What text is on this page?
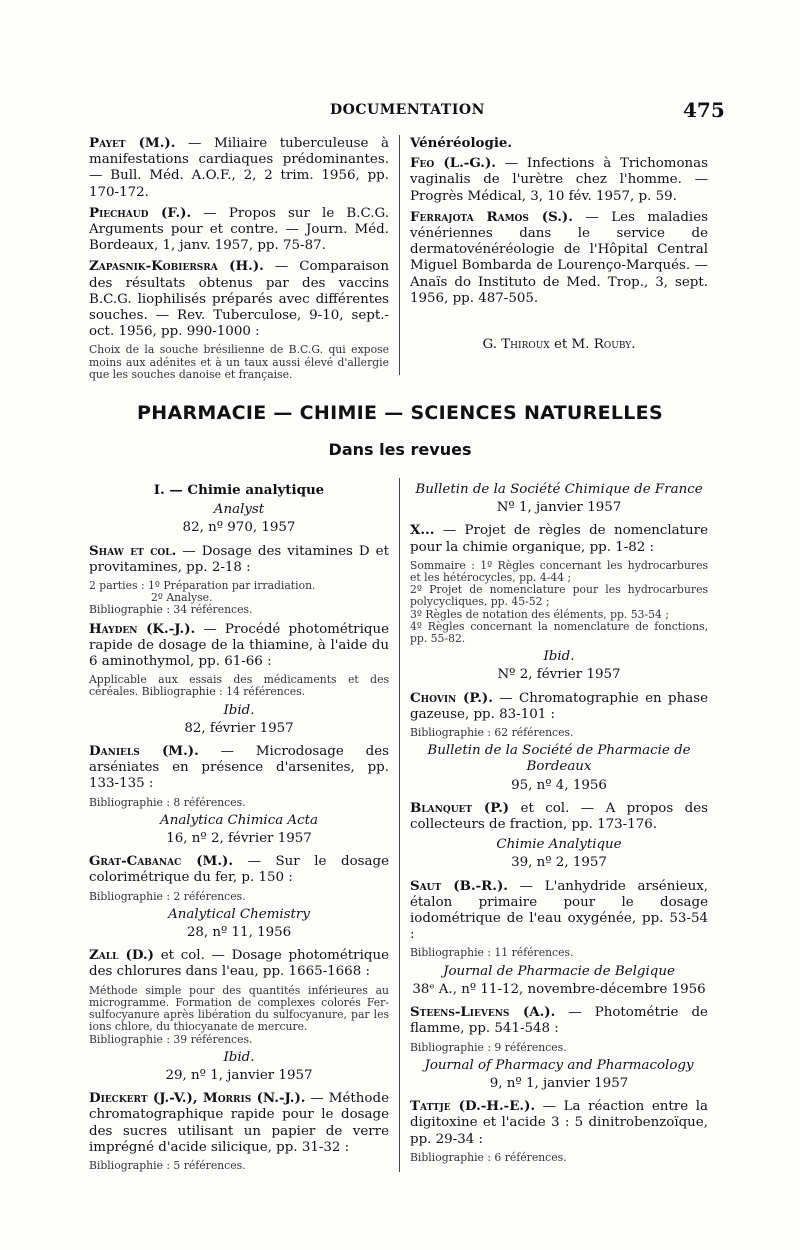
DOCUMENTATION	475

Payet (M.). — Miliaire tuberculeuse à manifestations cardiaques prédominantes. — Bull. Méd. A.O.F., 2, 2 trim. 1956, pp. 170-172.

Piechaud (F.). — Propos sur le B.C.G. Arguments pour et contre. — Journ. Méd. Bordeaux, 1, janv. 1957, pp. 75-87.

Zapasnik-Kobiersra (H.). — Comparaison des résultats obtenus par des vaccins B.C.G. liophilisés préparés avec différentes souches. — Rev. Tuberculose, 9-10, sept.-oct. 1956, pp. 990-1000 :

Choix de la souche brésilienne de B.C.G. qui expose moins aux adénites et à un taux aussi élevé d'allergie que les souches danoise et française.

Vénéréologie.

Feo (L.-G.). — Infections à Trichomonas vaginalis de l'urètre chez l'homme. — Progrès Médical, 3, 10 fév. 1957, p. 59.

Ferrajota Ramos (S.). — Les maladies vénériennes dans le service de dermatovénéréologie de l'Hôpital Central Miguel Bombarda de Lourenço-Marqués. — Anaïs do Instituto de Med. Trop., 3, sept. 1956, pp. 487-505.

G. Thiroux et M. Rouby.

PHARMACIE — CHIMIE — SCIENCES NATURELLES
Dans les revues

I. — Chimie analytique

Analyst

82, nº 970, 1957

Shaw et col. — Dosage des vitamines D et provitamines, pp. 2-18 :

2 parties : 1º Préparation par irradiation.

2º Analyse.

Bibliographie : 34 références.

Hayden (K.-J.). — Procédé photométrique rapide de dosage de la thiamine, à l'aide du 6 aminothymol, pp. 61-66 :

Applicable aux essais des médicaments et des céréales. Bibliographie : 14 références.

Ibid.

82, février 1957

Daniels (M.). — Microdosage des arséniates en présence d'arsenites, pp. 133-135 :

Bibliographie : 8 références.

Analytica Chimica Acta

16, nº 2, février 1957

Grat-Cabanac (M.). — Sur le dosage colorimétrique du fer, p. 150 :

Bibliographie : 2 références.

Analytical Chemistry

28, nº 11, 1956

Zall (D.) et col. — Dosage photométrique des chlorures dans l'eau, pp. 1665-1668 :

Méthode simple pour des quantités inférieures au microgramme. Formation de complexes colorés Fer-sulfocyanure après libération du sulfocyanure, par les ions chlore, du thiocyanate de mercure.

Bibliographie : 39 références.

Ibid.

29, nº 1, janvier 1957

Dieckert (J.-V.), Morris (N.-J.). — Méthode chromatographique rapide pour le dosage des sucres utilisant un papier de verre imprégné d'acide silicique, pp. 31-32 :

Bibliographie : 5 références.

Bulletin de la Société Chimique de France

Nº 1, janvier 1957

X... — Projet de règles de nomenclature pour la chimie organique, pp. 1-82 :

Sommaire : 1º Règles concernant les hydrocarbures et les hétérocycles, pp. 4-44 ;

2º Projet de nomenclature pour les hydrocarbures polycycliques, pp. 45-52 ;

3º Règles de notation des éléments, pp. 53-54 ;

4º Règles concernant la nomenclature de fonctions, pp. 55-82.

Ibid.

Nº 2, février 1957

Chovin (P.). — Chromatographie en phase gazeuse, pp. 83-101 :

Bibliographie : 62 références.

Bulletin de la Société de Pharmacie de Bordeaux

95, nº 4, 1956

Blanquet (P.) et col. — A propos des collecteurs de fraction, pp. 173-176.

Chimie Analytique

39, nº 2, 1957

Saut (B.-R.). — L'anhydride arsénieux, étalon primaire pour le dosage iodométrique de l'eau oxygénée, pp. 53-54 :

Bibliographie : 11 références.

Journal de Pharmacie de Belgique

38ᵉ A., nº 11-12, novembre-décembre 1956

Steens-Lievens (A.). — Photométrie de flamme, pp. 541-548 :

Bibliographie : 9 références.

Journal of Pharmacy and Pharmacology

9, nº 1, janvier 1957

Tattje (D.-H.-E.). — La réaction entre la digitoxine et l'acide 3 : 5 dinitrobenzoïque, pp. 29-34 :

Bibliographie : 6 références.
